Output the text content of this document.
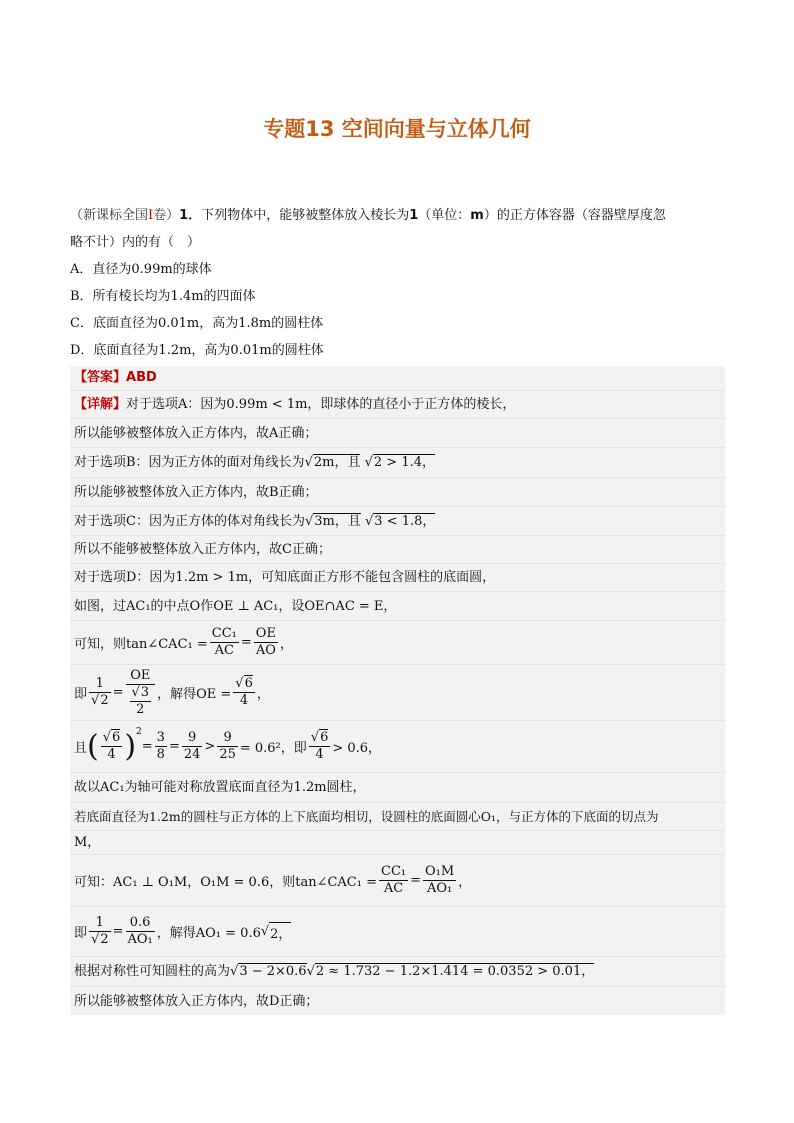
专题13 空间向量与立体几何
（新课标全国I卷）1．下列物体中，能够被整体放入棱长为1（单位：m）的正方体容器（容器壁厚度忽
略不计）内的有（　）
A．直径为0.99m的球体
B．所有棱长均为1.4m的四面体
C．底面直径为0.01m，高为1.8m的圆柱体
D．底面直径为1.2m，高为0.01m的圆柱体
【答案】ABD
【详解】对于选项A：因为0.99m < 1m，即球体的直径小于正方体的棱长，
所以能够被整体放入正方体内，故A正确；
对于选项B：因为正方体的面对角线长为√2m，且 √2 > 1.4，
所以能够被整体放入正方体内，故B正确；
对于选项C：因为正方体的体对角线长为√3m，且 √3 < 1.8，
所以不能够被整体放入正方体内，故C正确；
对于选项D：因为1.2m > 1m，可知底面正方形不能包含圆柱的底面圆，
如图，过AC₁的中点O作OE ⊥ AC₁，设OE∩AC = E，
可知，则tan∠CAC₁ = $\frac{\text{CC₁}}{AC} = \frac{OE}{AO}$ ，
即 $\frac{1}{√2} = \frac{OE}{\frac{√3}{2}}$ ，解得OE = $\frac{√6}{4}$ ，
且 ( $\frac{√6}{4} )^2$
= $\frac{3}{8} = \frac{9}{24} > \frac{9}{25} = 0.6^2$，即 $\frac{√6}{4} > 0.6$，
故以AC₁为轴可能对称放置底面直径为1.2m圆柱，
若底面直径为1.2m的圆柱与正方体的上下底面均相切，设圆柱的底面圆心O₁，与正方体的下底面的切点为
M，
可知：AC₁ ⊥ O₁M，O₁M = 0.6，则tan∠CAC₁ = $\frac{\text{CC₁}}{AC} = \frac{\text{O₁M}}{\text{AO₁}}$ ，
即 $\frac{1}{√2} = \frac{0.6}{\text{AO₁}}$ ，解得AO₁ = 0.6 √ 2，
根据对称性可知圆柱的高为√3 − 2×0.6√2 ≈ 1.732 − 1.2×1.414 = 0.0352 > 0.01，
所以能够被整体放入正方体内，故D正确；
